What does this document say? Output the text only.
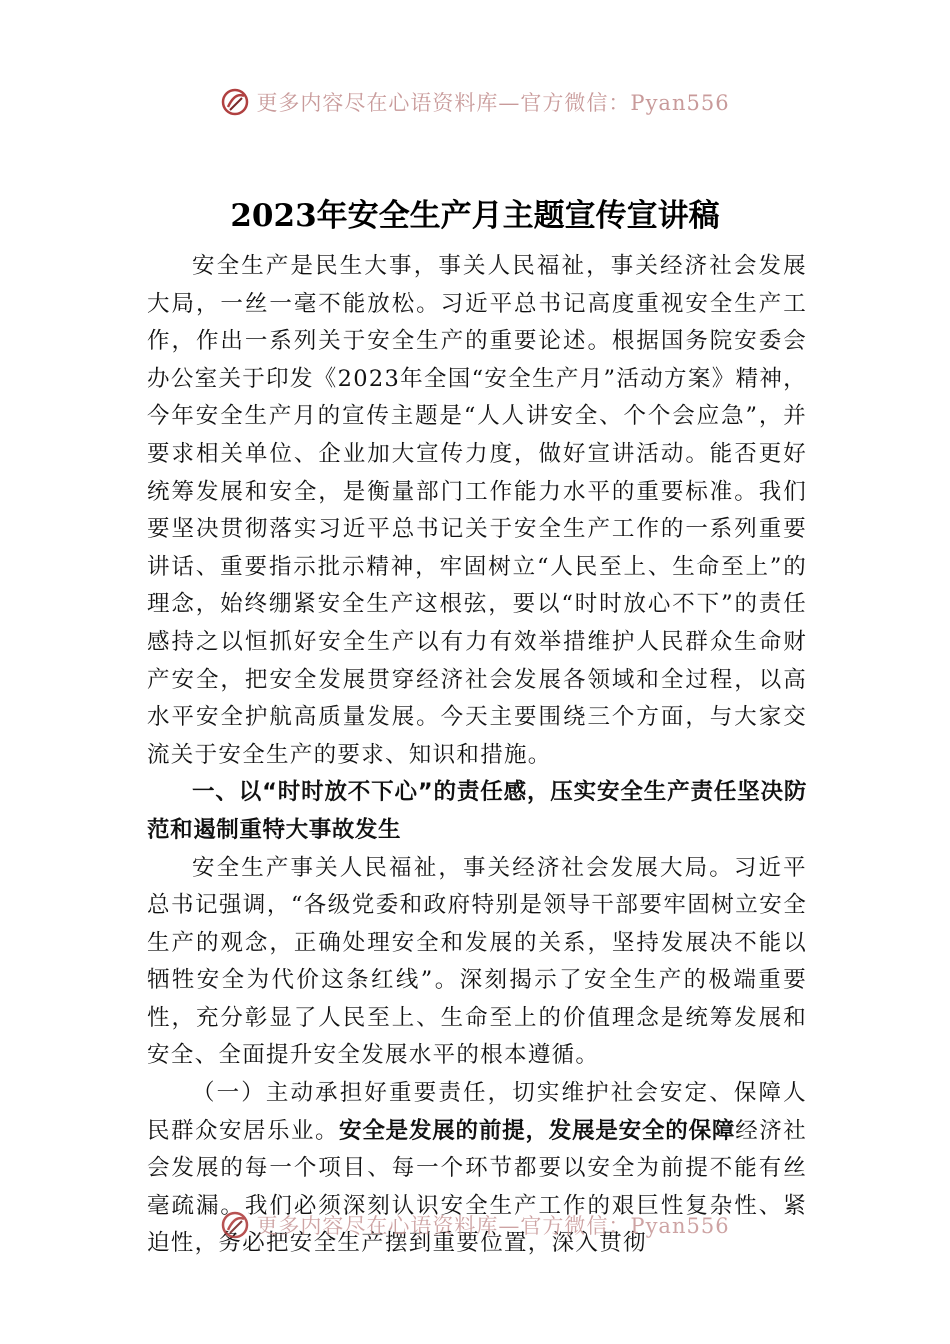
更多内容尽在心语资料库—官方微信：Pyan556
2023年安全生产月主题宣传宣讲稿

安全生产是民生大事，事关人民福祉，事关经济社会发展大局，一丝一毫不能放松。习近平总书记高度重视安全生产工作，作出一系列关于安全生产的重要论述。根据国务院安委会办公室关于印发《2023年全国“安全生产月”活动方案》精神，今年安全生产月的宣传主题是“人人讲安全、个个会应急”，并要求相关单位、企业加大宣传力度，做好宣讲活动。能否更好统筹发展和安全，是衡量部门工作能力水平的重要标准。我们要坚决贯彻落实习近平总书记关于安全生产工作的一系列重要讲话、重要指示批示精神，牢固树立“人民至上、生命至上”的理念，始终绷紧安全生产这根弦，要以“时时放心不下”的责任感持之以恒抓好安全生产以有力有效举措维护人民群众生命财产安全，把安全发展贯穿经济社会发展各领域和全过程，以高水平安全护航高质量发展。今天主要围绕三个方面，与大家交流关于安全生产的要求、知识和措施。

一、以“时时放不下心”的责任感，压实安全生产责任坚决防范和遏制重特大事故发生

安全生产事关人民福祉，事关经济社会发展大局。习近平总书记强调，“各级党委和政府特别是领导干部要牢固树立安全生产的观念，正确处理安全和发展的关系，坚持发展决不能以牺牲安全为代价这条红线”。深刻揭示了安全生产的极端重要性，充分彰显了人民至上、生命至上的价值理念是统筹发展和安全、全面提升安全发展水平的根本遵循。

（一）主动承担好重要责任，切实维护社会安定、保障人民群众安居乐业。安全是发展的前提，发展是安全的保障经济社会发展的每一个项目、每一个环节都要以安全为前提不能有丝毫疏漏。我们必须深刻认识安全生产工作的艰巨性复杂性、紧迫性，务必把安全生产摆到重要位置，深入贯彻

更多内容尽在心语资料库—官方微信：Pyan556
